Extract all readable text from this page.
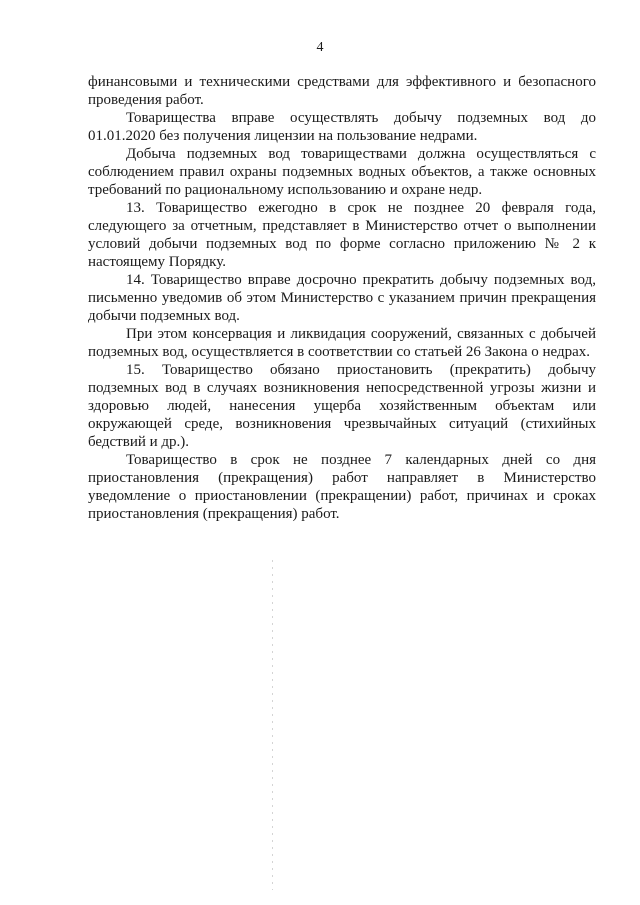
4

финансовыми и техническими средствами для эффективного и безопасного проведения работ.

Товарищества вправе осуществлять добычу подземных вод до 01.01.2020 без получения лицензии на пользование недрами.

Добыча подземных вод товариществами должна осуществляться с соблюдением правил охраны подземных водных объектов, а также основных требований по рациональному использованию и охране недр.

13. Товарищество ежегодно в срок не позднее 20 февраля года, следующего за отчетным, представляет в Министерство отчет о выполнении условий добычи подземных вод по форме согласно приложению № 2 к настоящему Порядку.

14. Товарищество вправе досрочно прекратить добычу подземных вод, письменно уведомив об этом Министерство с указанием причин прекращения добычи подземных вод.

При этом консервация и ликвидация сооружений, связанных с добычей подземных вод, осуществляется в соответствии со статьей 26 Закона о недрах.

15. Товарищество обязано приостановить (прекратить) добычу подземных вод в случаях возникновения непосредственной угрозы жизни и здоровью людей, нанесения ущерба хозяйственным объектам или окружающей среде, возникновения чрезвычайных ситуаций (стихийных бедствий и др.).

Товарищество в срок не позднее 7 календарных дней со дня приостановления (прекращения) работ направляет в Министерство уведомление о приостановлении (прекращении) работ, причинах и сроках приостановления (прекращения) работ.
